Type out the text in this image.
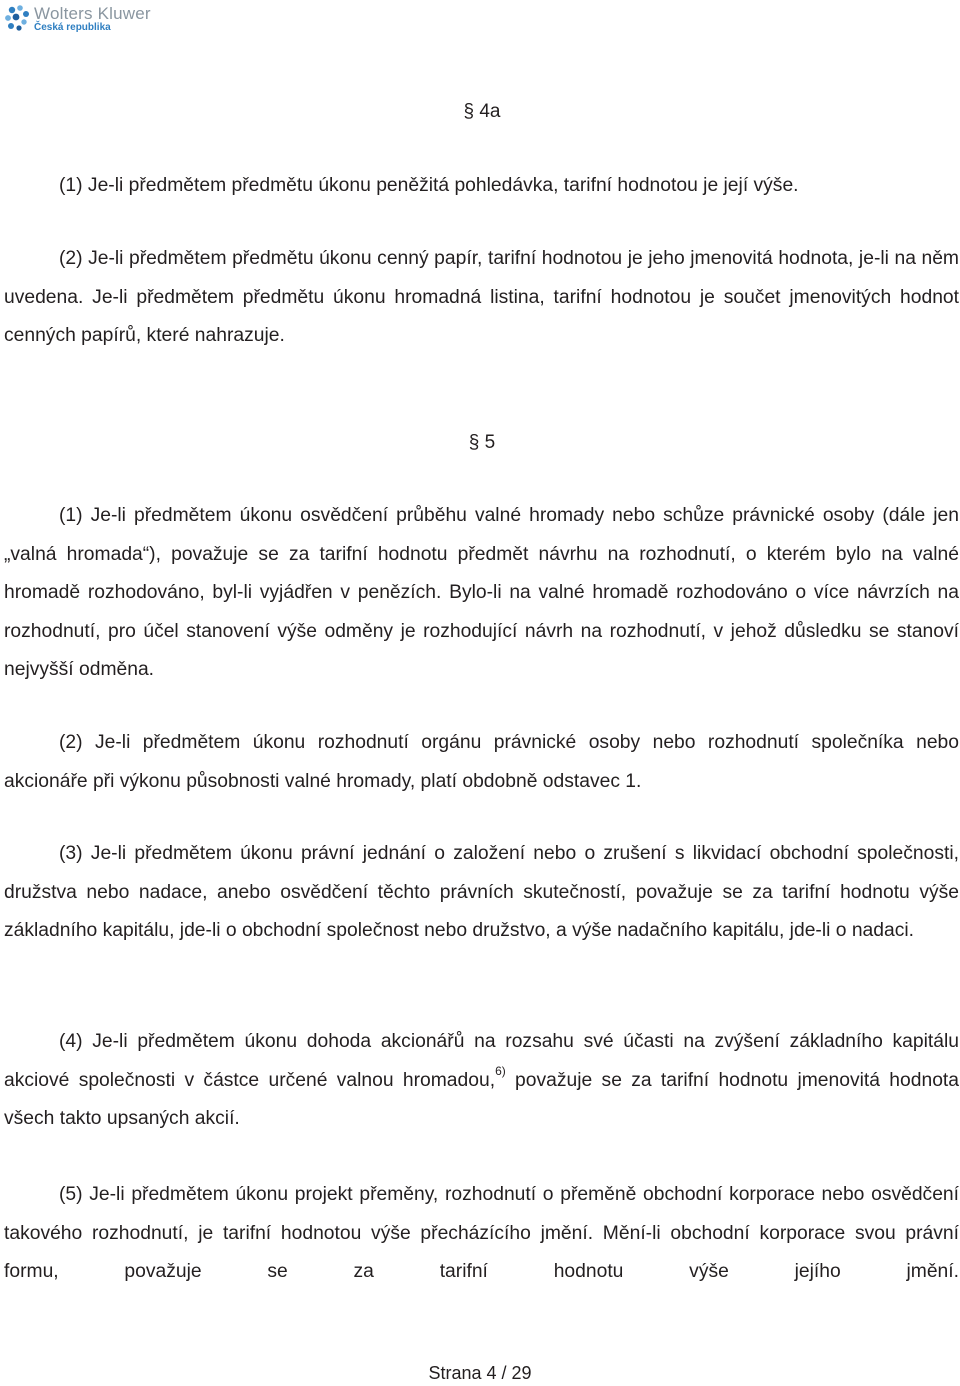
Wolters Kluwer
Česká republika
§ 4a

(1) Je-li předmětem předmětu úkonu peněžitá pohledávka, tarifní hodnotou je její výše.

(2) Je-li předmětem předmětu úkonu cenný papír, tarifní hodnotou je jeho jmenovitá hodnota, je-li na něm uvedena. Je-li předmětem předmětu úkonu hromadná listina, tarifní hodnotou je součet jmenovitých hodnot cenných papírů, které nahrazuje.

§ 5

(1) Je-li předmětem úkonu osvědčení průběhu valné hromady nebo schůze právnické osoby (dále jen „valná hromada“), považuje se za tarifní hodnotu předmět návrhu na rozhodnutí, o kterém bylo na valné hromadě rozhodováno, byl-li vyjádřen v penězích. Bylo-li na valné hromadě rozhodováno o více návrzích na rozhodnutí, pro účel stanovení výše odměny je rozhodující návrh na rozhodnutí, v jehož důsledku se stanoví nejvyšší odměna.

(2) Je-li předmětem úkonu rozhodnutí orgánu právnické osoby nebo rozhodnutí společníka nebo akcionáře při výkonu působnosti valné hromady, platí obdobně odstavec 1.

(3) Je-li předmětem úkonu právní jednání o založení nebo o zrušení s likvidací obchodní společnosti, družstva nebo nadace, anebo osvědčení těchto právních skutečností, považuje se za tarifní hodnotu výše základního kapitálu, jde-li o obchodní společnost nebo družstvo, a výše nadačního kapitálu, jde-li o nadaci.

(4) Je-li předmětem úkonu dohoda akcionářů na rozsahu své účasti na zvýšení základního kapitálu akciové společnosti v částce určené valnou hromadou,$^{6)}$ považuje se za tarifní hodnotu jmenovitá hodnota všech takto upsaných akcií.

(5) Je-li předmětem úkonu projekt přeměny, rozhodnutí o přeměně obchodní korporace nebo osvědčení takového rozhodnutí, je tarifní hodnotou výše přecházícího jmění. Mění-li obchodní korporace svou právní formu, považuje se za tarifní hodnotu výše jejího jmění.

Strana 4 / 29
